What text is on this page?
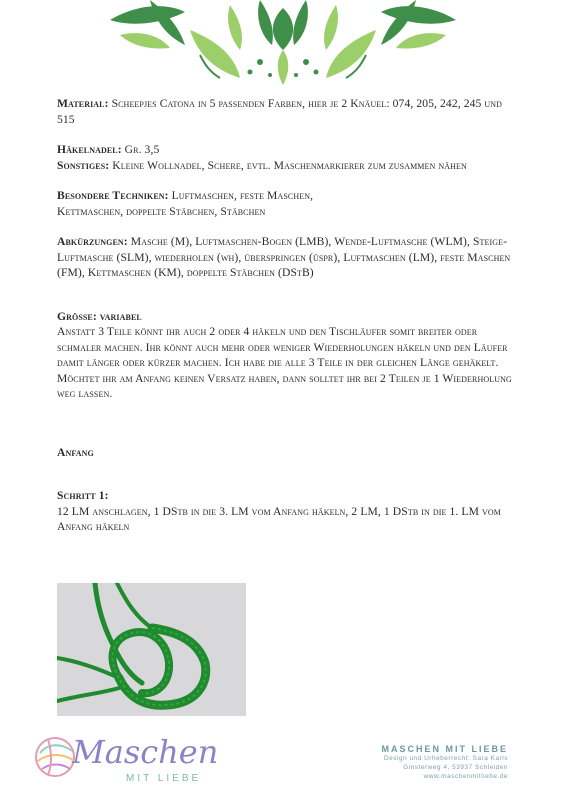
Material: Scheepjes Catona in 5 passenden Farben, hier je 2 Knäuel: 074, 205, 242, 245 und 515

Häkelnadel: Gr. 3,5

Sonstiges: Kleine Wollnadel, Schere, evtl. Maschenmarkierer zum zusammen nähen

Besondere Techniken: Luftmaschen, feste Maschen,
Kettmaschen, doppelte Stäbchen, Stäbchen

Abkürzungen: Masche (M), Luftmaschen-Bogen (LMB), Wende-Luftmasche (WLM), Steige-Luftmasche (SLM), wiederholen (wh), überspringen (üspr), Luftmaschen (LM), feste Maschen (FM), Kettmaschen (KM), doppelte Stäbchen (DStB)

Grösse: variabel

Anstatt 3 Teile könnt ihr auch 2 oder 4 häkeln und den Tischläufer somit breiter oder schmaler machen. Ihr könnt auch mehr oder weniger Wiederholungen häkeln und den Läufer damit länger oder kürzer machen. Ich habe die alle 3 Teile in der gleichen Länge gehäkelt. Möchtet ihr am Anfang keinen Versatz haben, dann solltet ihr bei 2 Teilen je 1 Wiederholung weg lassen.

Anfang

Schritt 1:

12 LM anschlagen, 1 DStb in die 3. LM vom Anfang häkeln, 2 LM, 1 DStb in die 1. LM vom Anfang häkeln

Maschen
MIT LIEBE
MASCHEN MIT LIEBE
Design und Urheberrecht: Sara Karls
Ginsterweg 4, 53937 Schleiden
www.maschenmitliebe.de
